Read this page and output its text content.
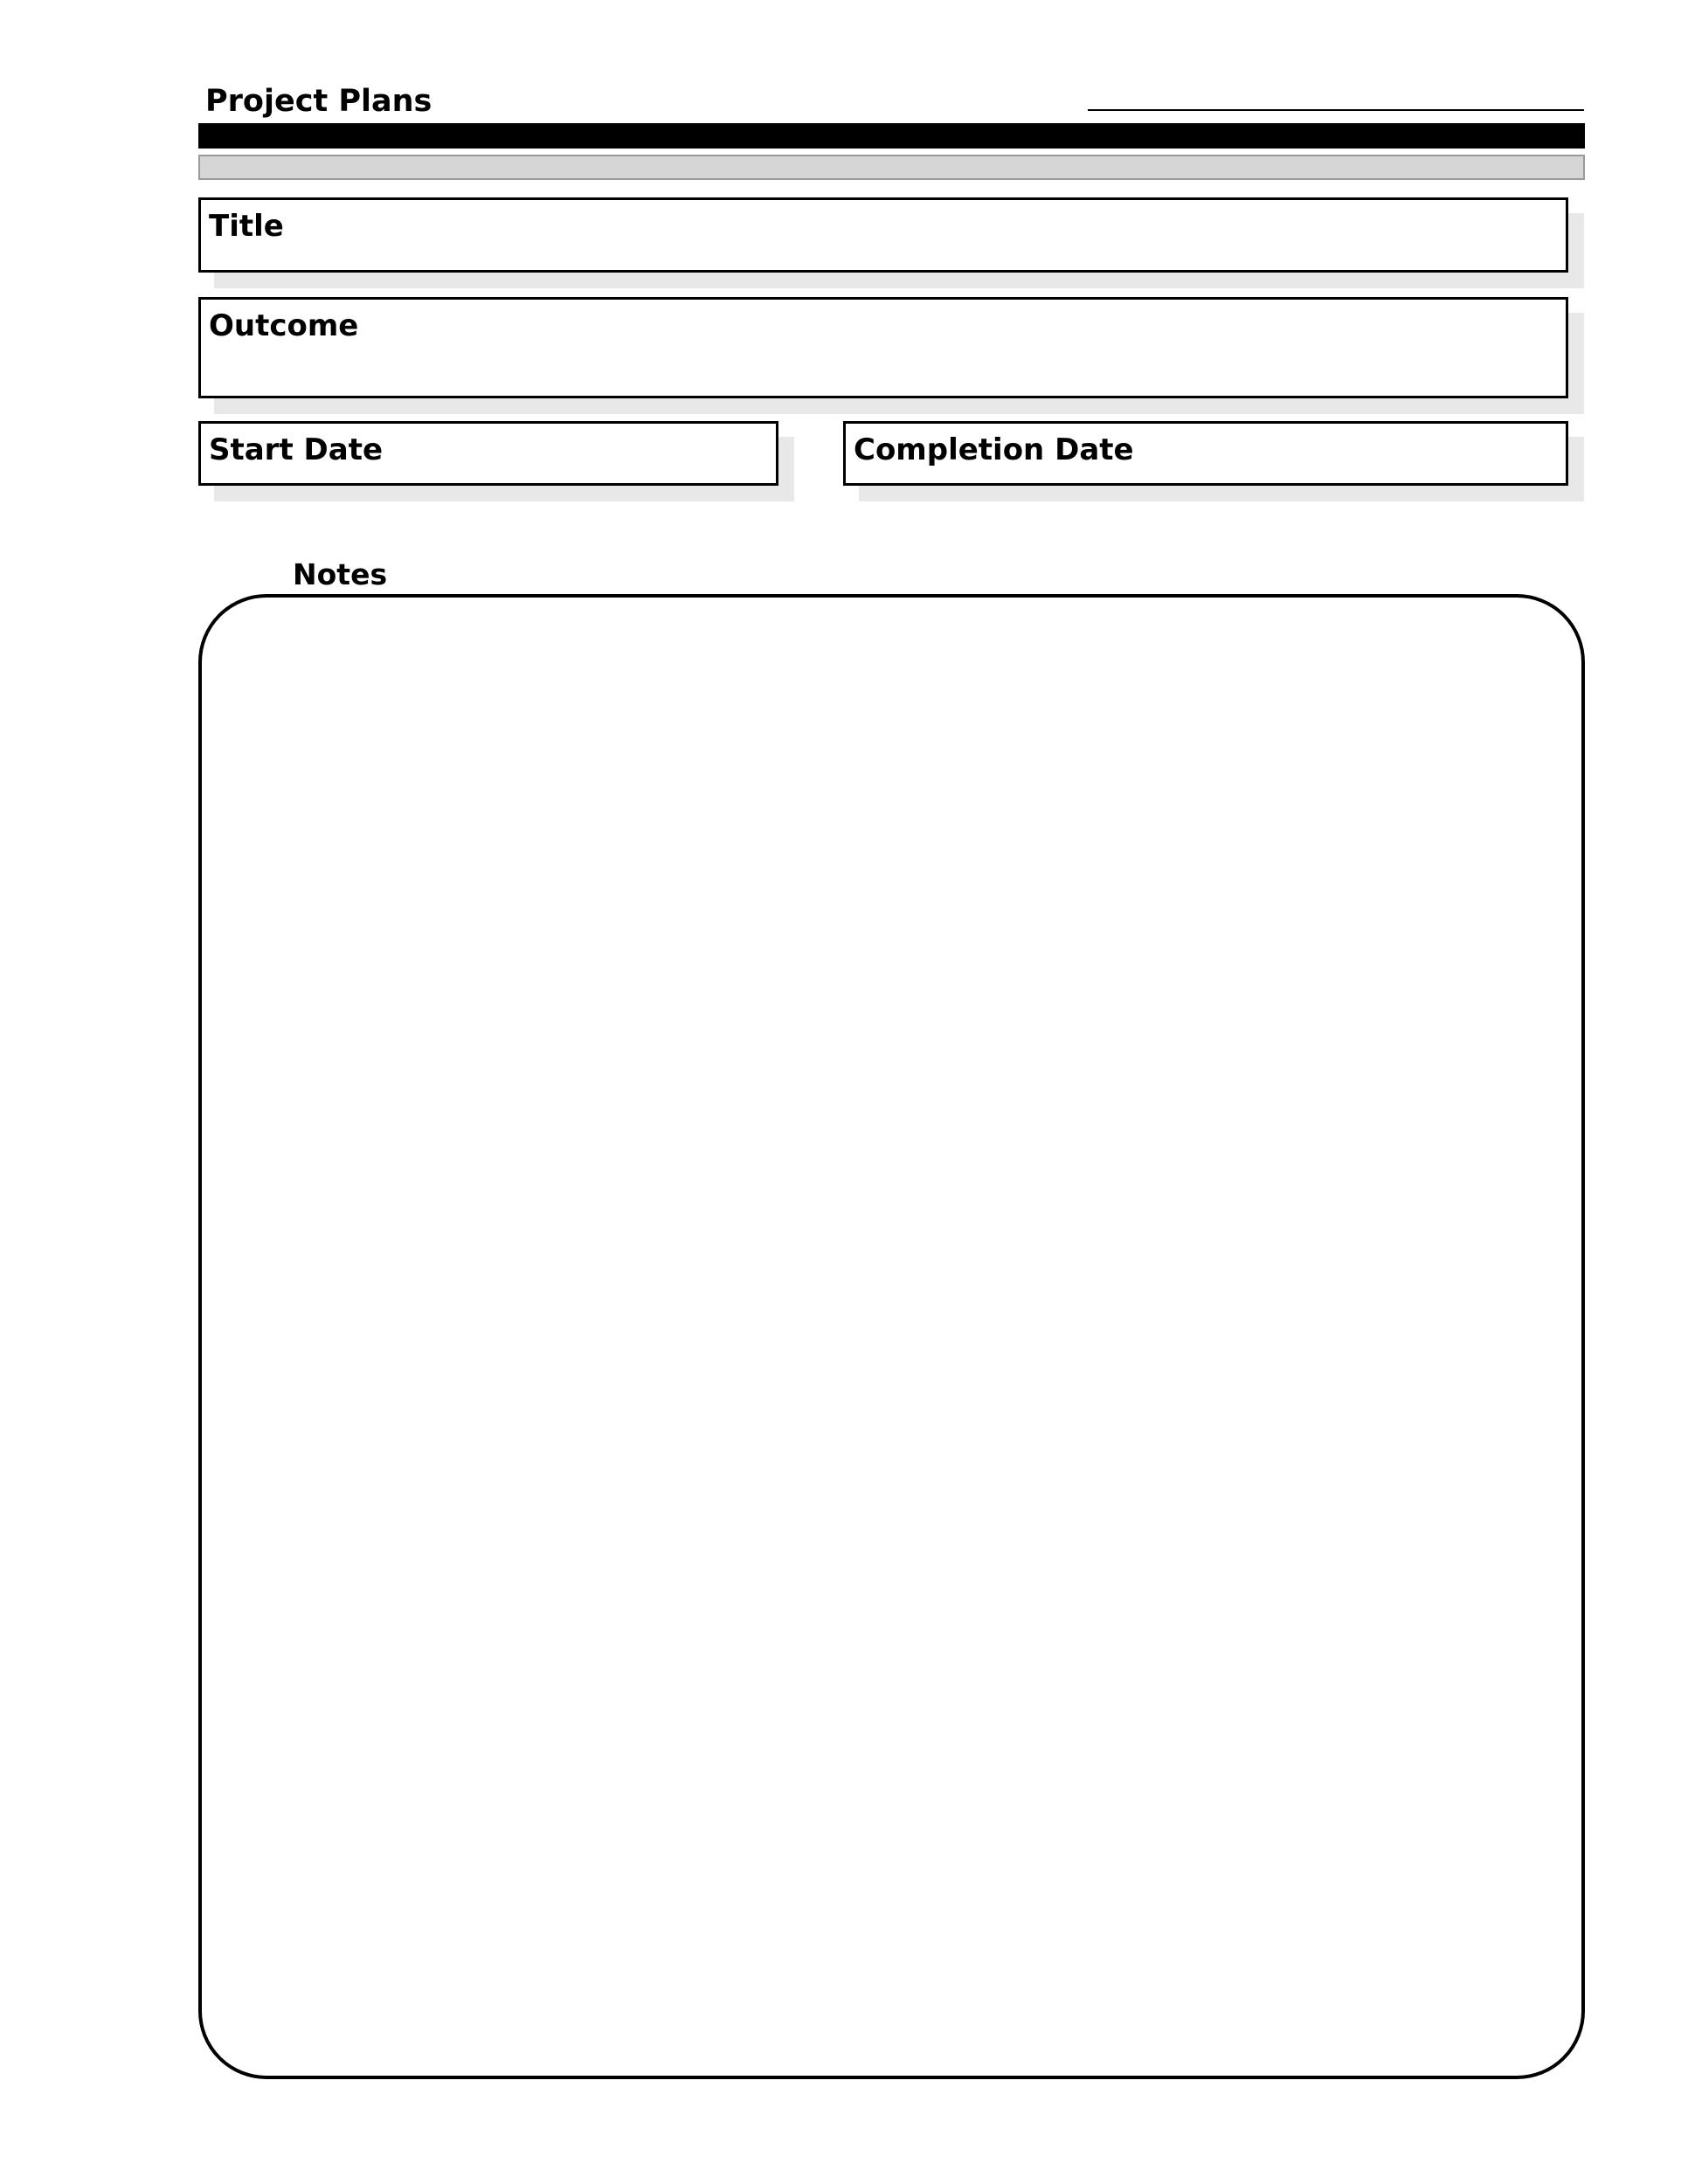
Project Plans
Title
Outcome
Start Date	Completion Date
Notes
